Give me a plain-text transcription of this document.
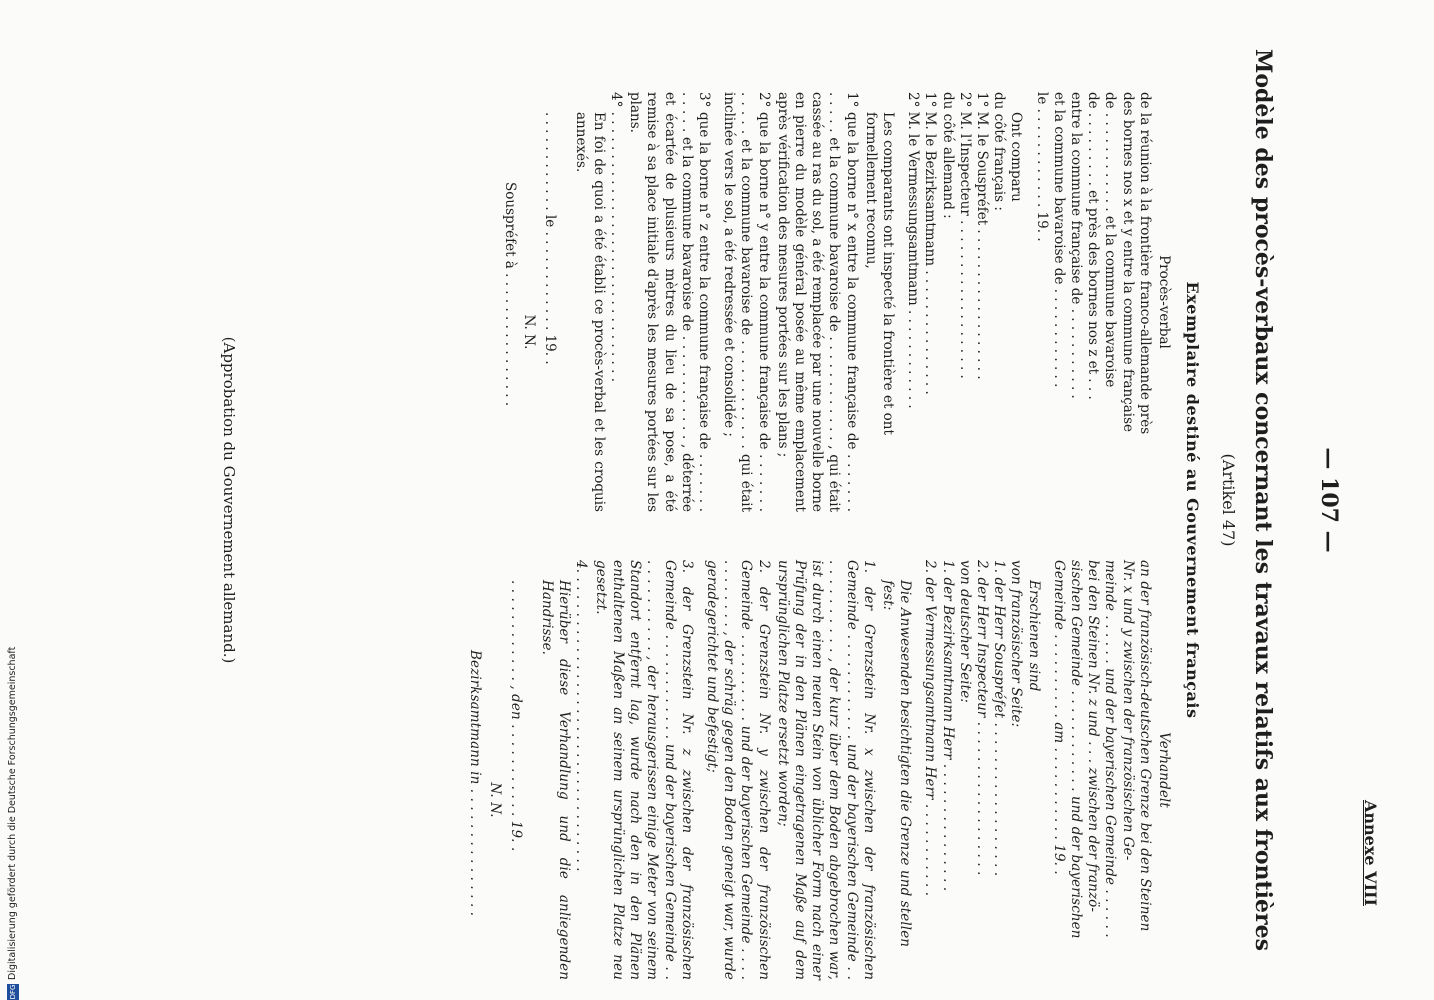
Annexe VIII
— 107 —
Modèle des procès-verbaux concernant les travaux relatifs aux frontières
(Artikel 47)
Exemplaire destiné au Gouvernement français

Procès-verbal

de la réunion à la frontière franco-allemande près

des bornes nos x et y entre la commune française

de . . . . . . . . . . . . et la commune bavaroise

de . . . . . . . . . et près des bornes nos z et . . .

entre la commune française de . . . . . . . . . . .

et la commune bavaroise de . . . . . . . . . . . .

le . . . . . . . . . . . . 19. .

Ont comparu

du côté français :

1° M. le Souspréfet . . . . . . . . . . . . . . . . . .

2° M. l'Inspecteur . . . . . . . . . . . . . . . . . . .

du côté allemand :

1° M. le Bezirksamtmann . . . . . . . . . . . . . . .

2° M. le Vermessungsamtmann . . . . . . . . . . . .

Les comparants ont inspecté la frontière et ont formellement reconnu,

1° que la borne n° x entre la commune française de . . . . . . . . . . . . et la commune bavaroise de . . . . . . . . . . . . , qui était cassée au ras du sol, a été remplacée par une nouvelle borne en pierre du modèle général posée au même emplacement après vérification des mesures portées sur les plans ;

2° que la borne n° y entre la commune française de . . . . . . . . . . . . et la commune bavaroise de . . . . . . . . . . . . qui était inclinée vers le sol, a été redressée et consolidée ;

3° que la borne n° z entre la commune française de . . . . . . . . . . . . et la commune bavaroise de . . . . . . . . . . . . , déterrée et écartée de plusieurs mètres du lieu de sa pose, a été remise à sa place initiale d'après les mesures portées sur les plans.

4° . . . . . . . . . . . . . . . . . . . . . . . . . . . . . . . .

En foi de quoi a été établi ce procès-verbal et les croquis annexés.

. . . . . . . . . . . . le . . . . . . . . . . . . 19. .

N. N.

Souspréfet à . . . . . . . . . . . . . . . .

Verhandelt

an der französisch-deutschen Grenze bei den Steinen

Nr. x und y zwischen der französischen Ge-

meinde . . . . . . und der bayerischen Gemeinde . . . . . .

bei den Steinen Nr. z und . . . zwischen der franzö-

sischen Gemeinde . . . . . . . . . . . . und der bayerischen

Gemeinde . . . . . . . . . . am . . . . . . . . . . . 19. .

Erschienen sind

von französischer Seite:

1. der Herr Souspréfet . . . . . . . . . . . . . . . . . .

2. der Herr Inspecteur . . . . . . . . . . . . . . . . . .

von deutscher Seite:

1. der Bezirksamtmann Herr . . . . . . . . . . . . . . .

2. der Vermessungsamtmann Herr . . . . . . . . . . .

Die Anwesenden besichtigten die Grenze und stellen fest:

1. der Grenzstein Nr. x zwischen der französischen Gemeinde . . . . . . . . . . . . und der bayerischen Gemeinde . . . . . . . . . . . . , der kurz über dem Boden abgebrochen war, ist durch einen neuen Stein von üblicher Form nach einer Prüfung der in den Plänen eingetragenen Maße auf dem ursprünglichen Platze ersetzt worden;

2. der Grenzstein Nr. y zwischen der französischen Gemeinde . . . . . . . . . . und der bayerischen Gemeinde . . . . . . . . . . . . , der schräg gegen den Boden geneigt war, wurde geradegerichtet und befestigt;

3. der Grenzstein Nr. z zwischen der französischen Gemeinde . . . . . . . . . . . . und der bayerischen Gemeinde . . . . . . . . . . . . , der herausgerissen einige Meter von seinem Standort entfernt lag, wurde nach den in den Plänen enthaltenen Maßen an seinem ursprünglichen Platze neu gesetzt.

4. . . . . . . . . . . . . . . . . . . . . . . . . . . . . . . . . . .

Hierüber diese Verhandlung und die anliegenden Handrisse.

. . . . . . . . . . . . , den . . . . . . . . . . . 19. .

N. N.

Bezirksamtmann in . . . . . . . . . . . . . . .

(Approbation du Gouvernement allemand.)
DFGDigitalisierung gefördert durch die Deutsche Forschungsgemeinschaft
